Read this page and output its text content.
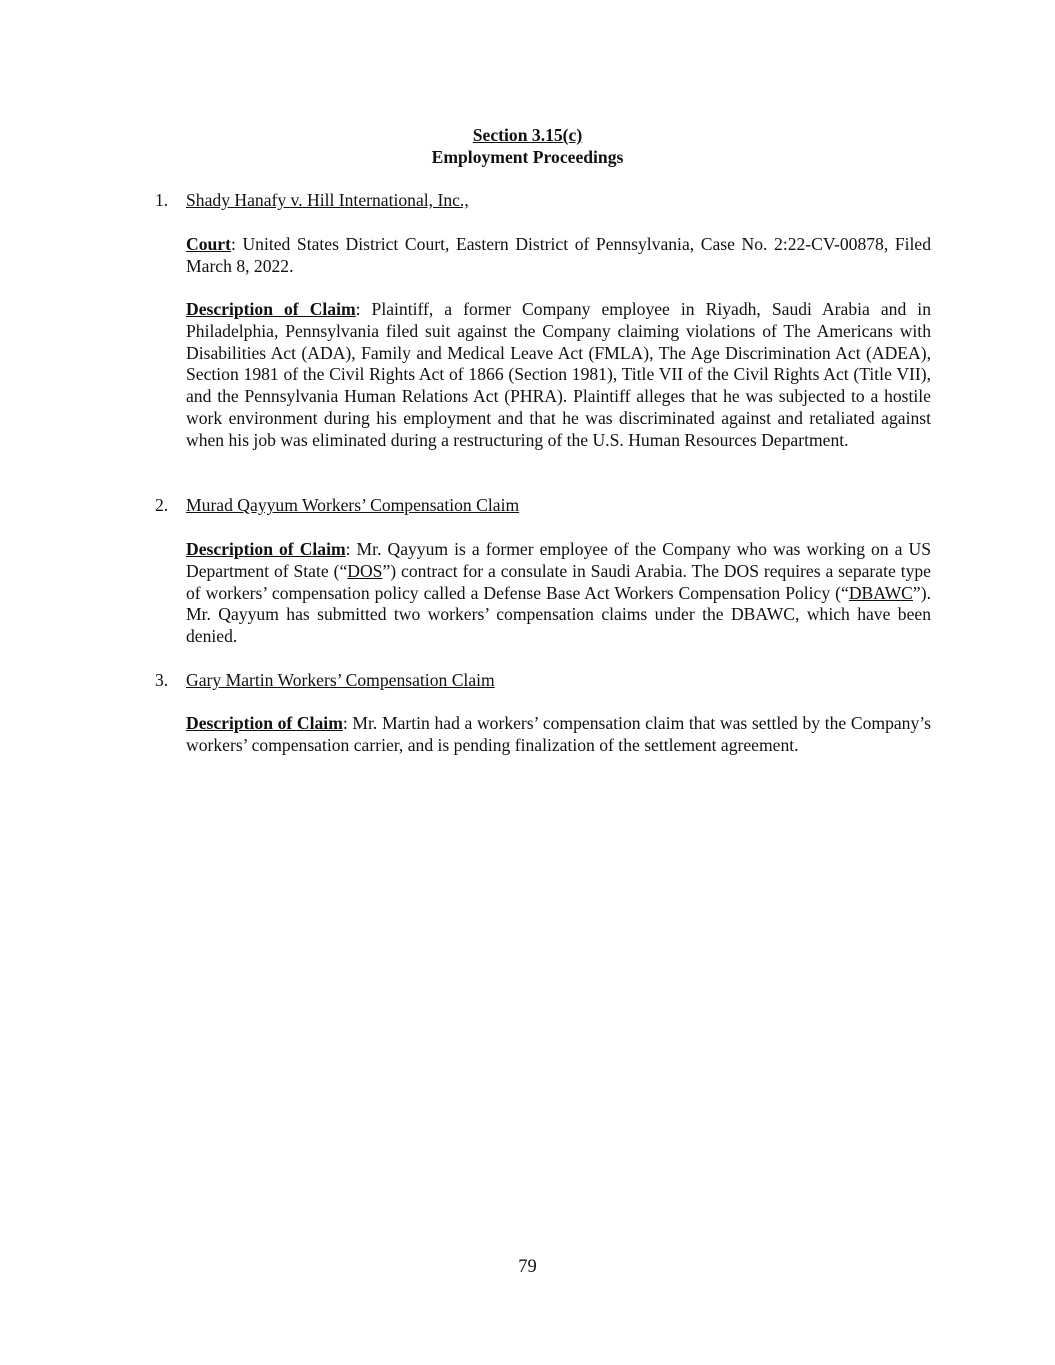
Section 3.15(c)
Employment Proceedings
1. Shady Hanafy v. Hill International, Inc.,

Court: United States District Court, Eastern District of Pennsylvania, Case No. 2:22-CV-00878, Filed March 8, 2022.

Description of Claim: Plaintiff, a former Company employee in Riyadh, Saudi Arabia and in Philadelphia, Pennsylvania filed suit against the Company claiming violations of The Americans with Disabilities Act (ADA), Family and Medical Leave Act (FMLA), The Age Discrimination Act (ADEA), Section 1981 of the Civil Rights Act of 1866 (Section 1981), Title VII of the Civil Rights Act (Title VII), and the Pennsylvania Human Relations Act (PHRA). Plaintiff alleges that he was subjected to a hostile work environment during his employment and that he was discriminated against and retaliated against when his job was eliminated during a restructuring of the U.S. Human Resources Department.

2. Murad Qayyum Workers’ Compensation Claim

Description of Claim: Mr. Qayyum is a former employee of the Company who was working on a US Department of State (“DOS”) contract for a consulate in Saudi Arabia. The DOS requires a separate type of workers’ compensation policy called a Defense Base Act Workers Compensation Policy (“DBAWC”). Mr. Qayyum has submitted two workers’ compensation claims under the DBAWC, which have been denied.

3. Gary Martin Workers’ Compensation Claim

Description of Claim: Mr. Martin had a workers’ compensation claim that was settled by the Company’s workers’ compensation carrier, and is pending finalization of the settlement agreement.

79
